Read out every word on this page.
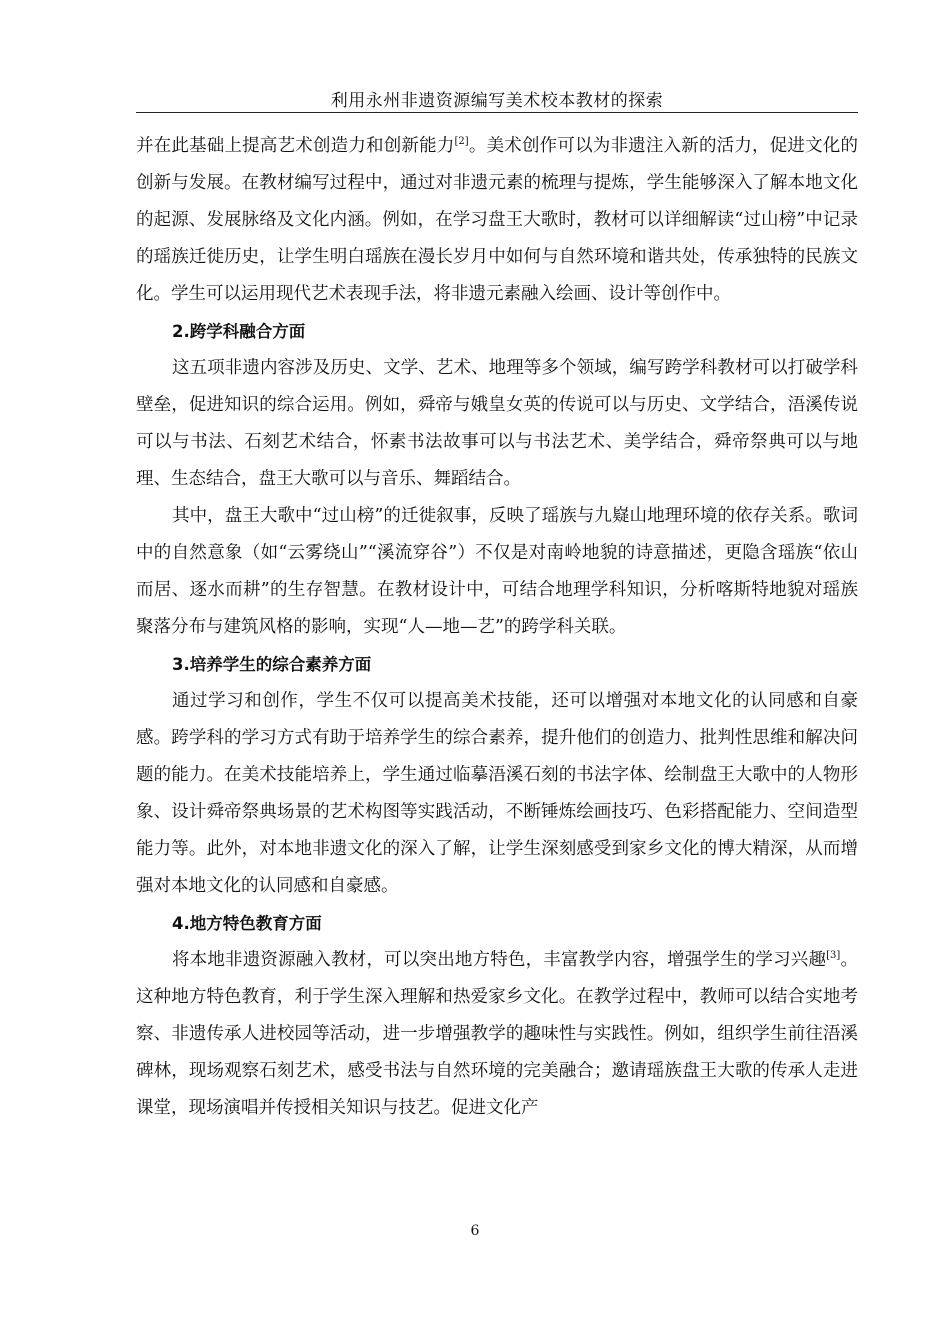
利用永州非遗资源编写美术校本教材的探索

并在此基础上提高艺术创造力和创新能力[2]。美术创作可以为非遗注入新的活力，促进文化的创新与发展。在教材编写过程中，通过对非遗元素的梳理与提炼，学生能够深入了解本地文化的起源、发展脉络及文化内涵。例如，在学习盘王大歌时，教材可以详细解读“过山榜”中记录的瑶族迁徙历史，让学生明白瑶族在漫长岁月中如何与自然环境和谐共处，传承独特的民族文化。学生可以运用现代艺术表现手法，将非遗元素融入绘画、设计等创作中。

2.跨学科融合方面

这五项非遗内容涉及历史、文学、艺术、地理等多个领域，编写跨学科教材可以打破学科壁垒，促进知识的综合运用。例如，舜帝与娥皇女英的传说可以与历史、文学结合，浯溪传说可以与书法、石刻艺术结合，怀素书法故事可以与书法艺术、美学结合，舜帝祭典可以与地理、生态结合，盘王大歌可以与音乐、舞蹈结合。

其中，盘王大歌中“过山榜”的迁徙叙事，反映了瑶族与九嶷山地理环境的依存关系。歌词中的自然意象（如“云雾绕山”“溪流穿谷”）不仅是对南岭地貌的诗意描述，更隐含瑶族“依山而居、逐水而耕”的生存智慧。在教材设计中，可结合地理学科知识，分析喀斯特地貌对瑶族聚落分布与建筑风格的影响，实现“人—地—艺”的跨学科关联。

3.培养学生的综合素养方面

通过学习和创作，学生不仅可以提高美术技能，还可以增强对本地文化的认同感和自豪感。跨学科的学习方式有助于培养学生的综合素养，提升他们的创造力、批判性思维和解决问题的能力。在美术技能培养上，学生通过临摹浯溪石刻的书法字体、绘制盘王大歌中的人物形象、设计舜帝祭典场景的艺术构图等实践活动，不断锤炼绘画技巧、色彩搭配能力、空间造型能力等。此外，对本地非遗文化的深入了解，让学生深刻感受到家乡文化的博大精深，从而增强对本地文化的认同感和自豪感。

4.地方特色教育方面

将本地非遗资源融入教材，可以突出地方特色，丰富教学内容，增强学生的学习兴趣[3]。这种地方特色教育，利于学生深入理解和热爱家乡文化。在教学过程中，教师可以结合实地考察、非遗传承人进校园等活动，进一步增强教学的趣味性与实践性。例如，组织学生前往浯溪碑林，现场观察石刻艺术，感受书法与自然环境的完美融合；邀请瑶族盘王大歌的传承人走进课堂，现场演唱并传授相关知识与技艺。促进文化产

6
